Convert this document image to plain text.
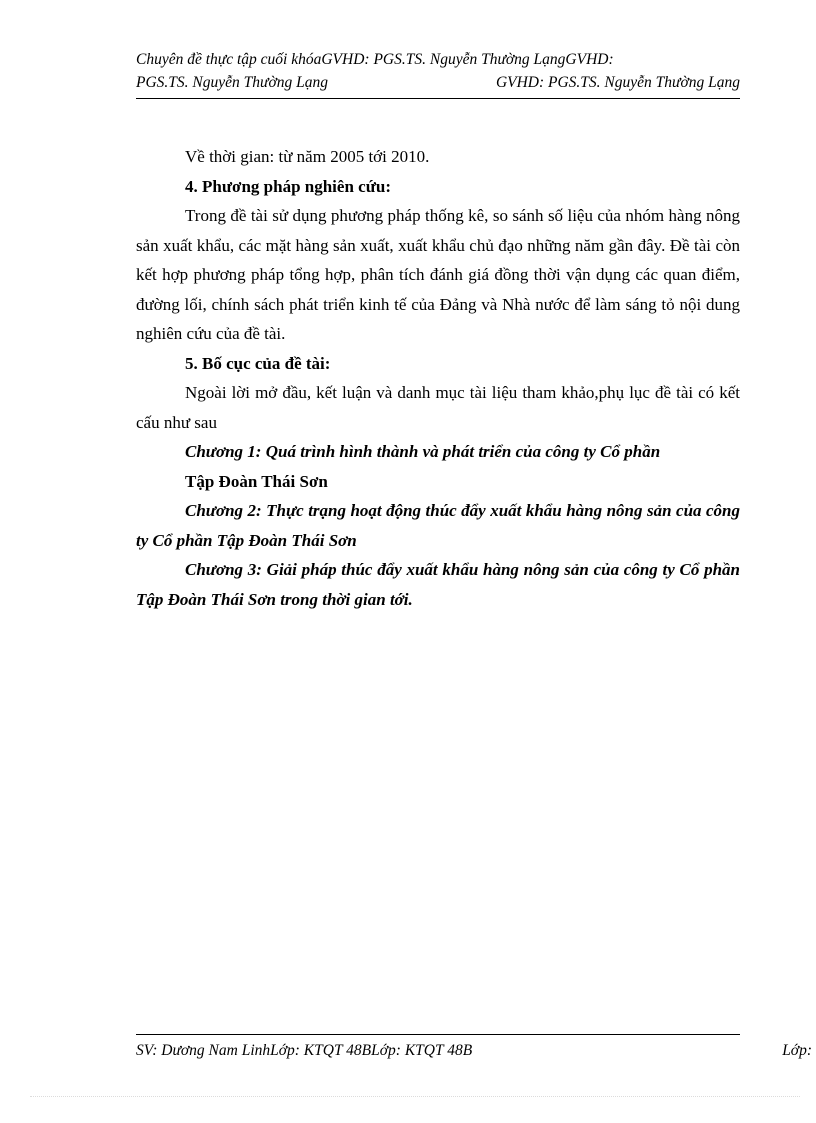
Chuyên đề thực tập cuối khóaGVHD: PGS.TS. Nguyễn Thường LạngGVHD:
PGS.TS. Nguyễn Thường Lạng	GVHD: PGS.TS. Nguyễn Thường Lạng

Về thời gian: từ năm 2005 tới 2010.

4. Phương pháp nghiên cứu:

Trong đề tài sử dụng phương pháp thống kê, so sánh số liệu của nhóm hàng nông sản xuất khẩu, các mặt hàng sản xuất, xuất khẩu chủ đạo những năm gần đây. Đề tài còn kết hợp phương pháp tổng hợp, phân tích đánh giá đồng thời vận dụng các quan điểm, đường lối, chính sách phát triển kinh tế của Đảng và Nhà nước để làm sáng tỏ nội dung nghiên cứu của đề tài.

5. Bố cục của đề tài:

Ngoài lời mở đầu, kết luận và danh mục tài liệu tham khảo,phụ lục đề tài có kết cấu như sau

Chương 1: Quá trình hình thành và phát triển của công ty Cổ phần

Tập Đoàn Thái Sơn

Chương 2: Thực trạng hoạt động thúc đẩy xuất khẩu hàng nông sản của công ty Cổ phần Tập Đoàn Thái Sơn

Chương 3: Giải pháp thúc đẩy xuất khẩu hàng nông sản của công ty Cổ phần Tập Đoàn Thái Sơn trong thời gian tới.

SV: Dương Nam LinhLớp: KTQT 48BLớp: KTQT 48B	Lớp:
